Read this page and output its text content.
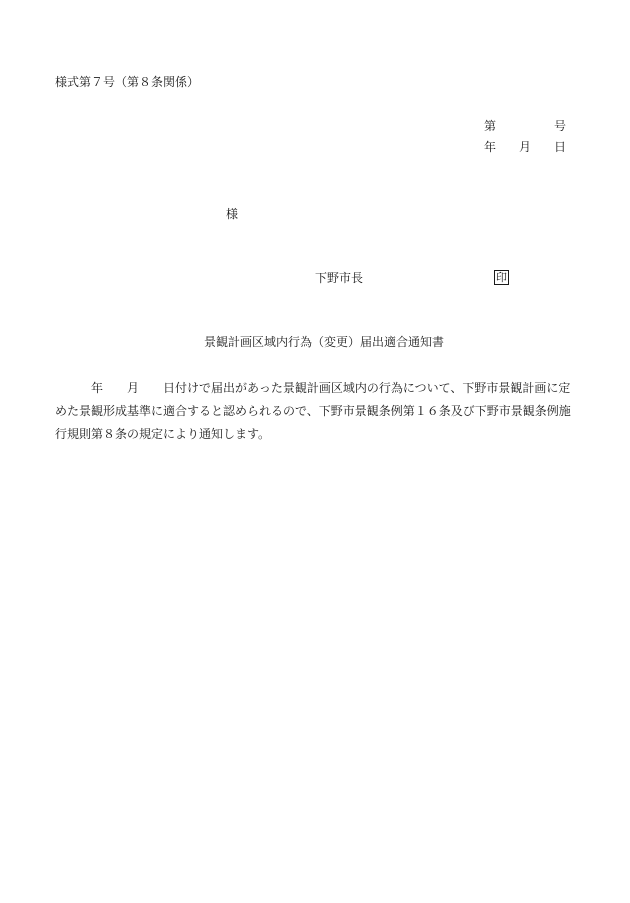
様式第７号（第８条関係）
第	号
年 月 日
様
下野市長	印
景観計画区域内行為（変更）届出適合通知書
　　　年　　月　　日付けで届出があった景観計画区域内の行為について、下野市景観計画に定めた景観形成基準に適合すると認められるので、下野市景観条例第１６条及び下野市景観条例施行規則第８条の規定により通知します。
